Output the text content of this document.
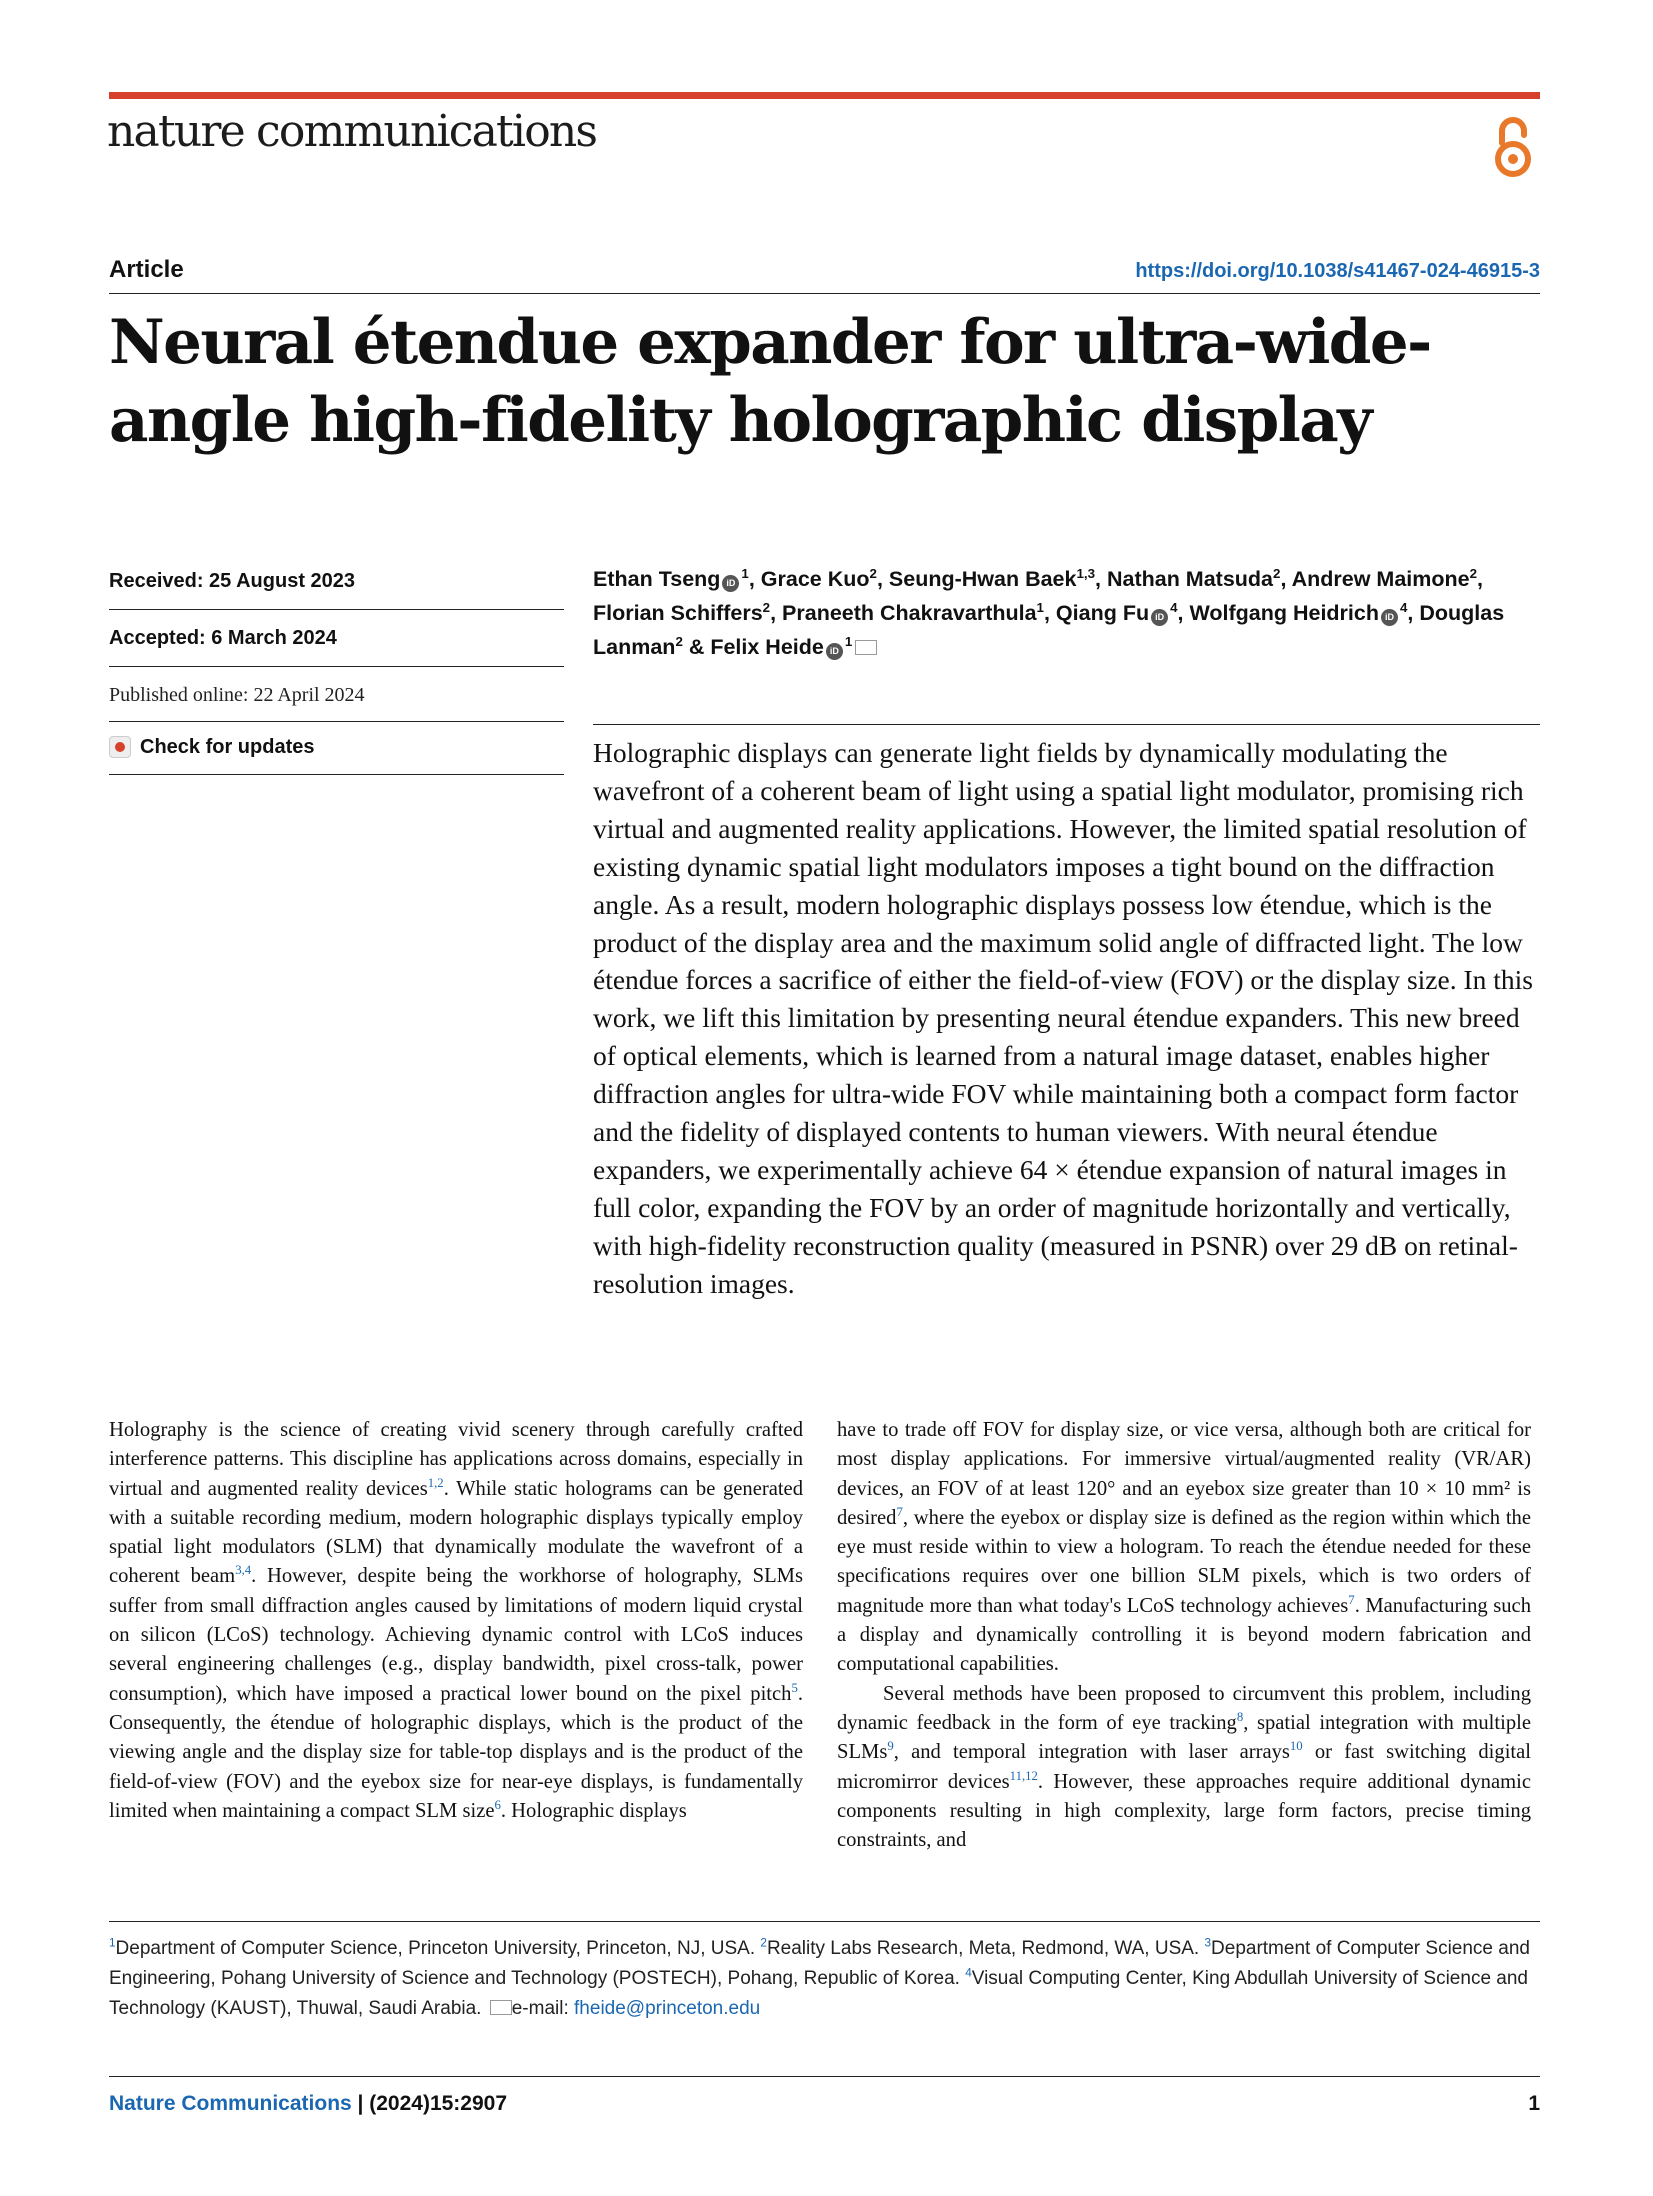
nature communications
Article	https://doi.org/10.1038/s41467-024-46915-3
Neural étendue expander for ultra-wide-angle high-fidelity holographic display
Received: 25 August 2023
Accepted: 6 March 2024
Published online: 22 April 2024
Check for updates
Ethan Tseng $iD^1$, Grace Kuo$^2$, Seung-Hwan Baek$^{1,3}$, Nathan Matsuda$^2$, Andrew Maimone$^2$, Florian Schiffers$^2$, Praneeth Chakravarthula$^1$, Qiang Fu $iD^4$, Wolfgang Heidrich $iD^4$, Douglas Lanman$^2$ & Felix Heide $iD^1$
Holographic displays can generate light fields by dynamically modulating the wavefront of a coherent beam of light using a spatial light modulator, promising rich virtual and augmented reality applications. However, the limited spatial resolution of existing dynamic spatial light modulators imposes a tight bound on the diffraction angle. As a result, modern holographic displays possess low étendue, which is the product of the display area and the maximum solid angle of diffracted light. The low étendue forces a sacrifice of either the field-of-view (FOV) or the display size. In this work, we lift this limitation by presenting neural étendue expanders. This new breed of optical elements, which is learned from a natural image dataset, enables higher diffraction angles for ultra-wide FOV while maintaining both a compact form factor and the fidelity of displayed contents to human viewers. With neural étendue expanders, we experimentally achieve 64 × étendue expansion of natural images in full color, expanding the FOV by an order of magnitude horizontally and vertically, with high-fidelity reconstruction quality (measured in PSNR) over 29 dB on retinal-resolution images.

Holography is the science of creating vivid scenery through carefully crafted interference patterns. This discipline has applications across domains, especially in virtual and augmented reality devices$^{1,2}$. While static holograms can be generated with a suitable recording medium, modern holographic displays typically employ spatial light modulators (SLM) that dynamically modulate the wavefront of a coherent beam$^{3,4}$. However, despite being the workhorse of holography, SLMs suffer from small diffraction angles caused by limitations of modern liquid crystal on silicon (LCoS) technology. Achieving dynamic control with LCoS induces several engineering challenges (e.g., display bandwidth, pixel cross-talk, power consumption), which have imposed a practical lower bound on the pixel pitch$^5$. Consequently, the étendue of holographic displays, which is the product of the viewing angle and the display size for table-top displays and is the product of the field-of-view (FOV) and the eyebox size for near-eye displays, is fundamentally limited when maintaining a compact SLM size$^6$. Holographic displays

have to trade off FOV for display size, or vice versa, although both are critical for most display applications. For immersive virtual/augmented reality (VR/AR) devices, an FOV of at least 120° and an eyebox size greater than 10 × 10 mm² is desired$^7$, where the eyebox or display size is defined as the region within which the eye must reside within to view a hologram. To reach the étendue needed for these specifications requires over one billion SLM pixels, which is two orders of magnitude more than what today's LCoS technology achieves$^7$. Manufacturing such a display and dynamically controlling it is beyond modern fabrication and computational capabilities.

Several methods have been proposed to circumvent this problem, including dynamic feedback in the form of eye tracking$^8$, spatial integration with multiple SLMs$^9$, and temporal integration with laser arrays$^{10}$ or fast switching digital micromirror devices$^{11,12}$. However, these approaches require additional dynamic components resulting in high complexity, large form factors, precise timing constraints, and

$^1$Department of Computer Science, Princeton University, Princeton, NJ, USA. $^2$Reality Labs Research, Meta, Redmond, WA, USA. $^3$Department of Computer Science and Engineering, Pohang University of Science and Technology (POSTECH), Pohang, Republic of Korea. $^4$Visual Computing Center, King Abdullah University of Science and Technology (KAUST), Thuwal, Saudi Arabia. e-mail: fheide@princeton.edu
Nature Communications | (2024)15:2907	1
